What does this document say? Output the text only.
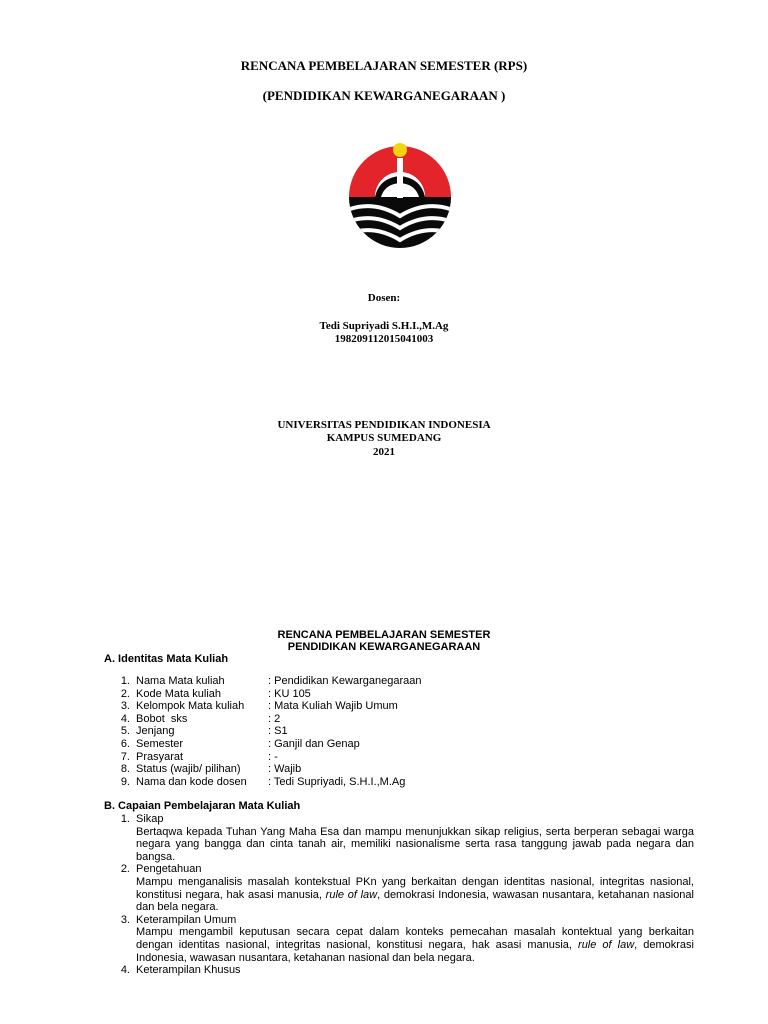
RENCANA PEMBELAJARAN SEMESTER (RPS)
(PENDIDIKAN KEWARGANEGARAAN )
Dosen:
Tedi Supriyadi S.H.I.,M.Ag
198209112015041003
UNIVERSITAS PENDIDIKAN INDONESIA
KAMPUS SUMEDANG
2021
RENCANA PEMBELAJARAN SEMESTER
PENDIDIKAN KEWARGANEGARAAN
A. Identitas Mata Kuliah
1. Nama Mata kuliah	: Pendidikan Kewarganegaraan
2. Kode Mata kuliah	: KU 105
3. Kelompok Mata kuliah	: Mata Kuliah Wajib Umum
4. Bobot  sks	: 2
5. Jenjang	: S1
6. Semester	: Ganjil dan Genap
7. Prasyarat	: -
8. Status (wajib/ pilihan)	: Wajib
9. Nama dan kode dosen	: Tedi Supriyadi, S.H.I.,M.Ag
B. Capaian Pembelajaran Mata Kuliah
1. Sikap
Bertaqwa kepada Tuhan Yang Maha Esa dan mampu menunjukkan sikap religius, serta berperan sebagai warga negara yang bangga dan cinta tanah air, memiliki nasionalisme serta rasa tanggung jawab pada negara dan bangsa.
2. Pengetahuan
Mampu menganalisis masalah kontekstual PKn yang berkaitan dengan identitas nasional, integritas nasional, konstitusi negara, hak asasi manusia, rule of law, demokrasi Indonesia, wawasan nusantara, ketahanan nasional dan bela negara.
3. Keterampilan Umum
Mampu mengambil keputusan secara cepat dalam konteks pemecahan masalah kontektual yang berkaitan dengan identitas nasional, integritas nasional, konstitusi negara, hak asasi manusia, rule of law, demokrasi Indonesia, wawasan nusantara, ketahanan nasional dan bela negara.
4. Keterampilan Khusus
